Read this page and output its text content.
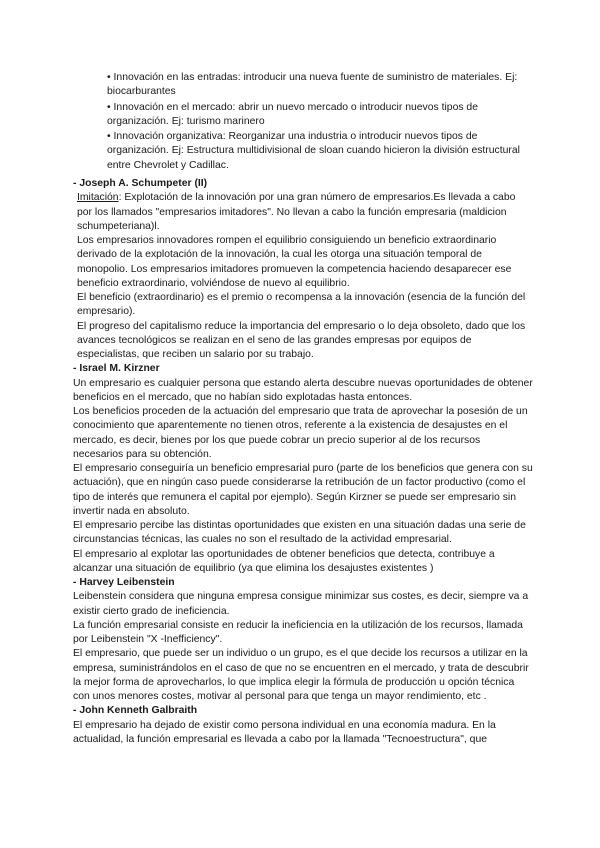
• Innovación en las entradas: introducir una nueva fuente de suministro de materiales. Ej: biocarburantes

• Innovación en el mercado: abrir un nuevo mercado o introducir nuevos tipos de organización. Ej: turismo marinero

• Innovación organizativa: Reorganizar una industria o introducir nuevos tipos de organización. Ej: Estructura multidivisional de sloan cuando hicieron la división estructural entre Chevrolet y Cadillac.

- Joseph A. Schumpeter (II)

Imitación: Explotación de la innovación por una gran número de empresarios.Es llevada a cabo por los llamados "empresarios imitadores". No llevan a cabo la función empresaria (maldicion schumpeteriana)l.

Los empresarios innovadores rompen el equilibrio consiguiendo un beneficio extraordinario derivado de la explotación de la innovación, la cual les otorga una situación temporal de monopolio. Los empresarios imitadores promueven la competencia haciendo desaparecer ese beneficio extraordinario, volviéndose de nuevo al equilibrio.

El beneficio (extraordinario) es el premio o recompensa a la innovación (esencia de la función del empresario).

El progreso del capitalismo reduce la importancia del empresario o lo deja obsoleto, dado que los avances tecnológicos se realizan en el seno de las grandes empresas por equipos de especialistas, que reciben un salario por su trabajo.

- Israel M. Kirzner

Un empresario es cualquier persona que estando alerta descubre nuevas oportunidades de obtener beneficios en el mercado, que no habían sido explotadas hasta entonces.

Los beneficios proceden de la actuación del empresario que trata de aprovechar la posesión de un conocimiento que aparentemente no tienen otros, referente a la existencia de desajustes en el mercado, es decir, bienes por los que puede cobrar un precio superior al de los recursos necesarios para su obtención.

El empresario conseguiría un beneficio empresarial puro (parte de los beneficios que genera con su actuación), que en ningún caso puede considerarse la retribución de un factor productivo (como el tipo de interés que remunera el capital por ejemplo). Según Kirzner se puede ser empresario sin invertir nada en absoluto.

El empresario percibe las distintas oportunidades que existen en una situación dadas una serie de circunstancias técnicas, las cuales no son el resultado de la actividad empresarial.

El empresario al explotar las oportunidades de obtener beneficios que detecta, contribuye a alcanzar una situación de equilibrio (ya que elimina los desajustes existentes )

- Harvey Leibenstein

Leibenstein considera que ninguna empresa consigue minimizar sus costes, es decir, siempre va a existir cierto grado de ineficiencia.

La función empresarial consiste en reducir la ineficiencia en la utilización de los recursos, llamada por Leibenstein "X -Inefficiency".

El empresario, que puede ser un individuo o un grupo, es el que decide los recursos a utilizar en la empresa, suministrándolos en el caso de que no se encuentren en el mercado, y trata de descubrir la mejor forma de aprovecharlos, lo que implica elegir la fórmula de producción u opción técnica con unos menores costes, motivar al personal para que tenga un mayor rendimiento, etc .

- John Kenneth Galbraith

El empresario ha dejado de existir como persona individual en una economía madura. En la actualidad, la función empresarial es llevada a cabo por la llamada "Tecnoestructura", que
